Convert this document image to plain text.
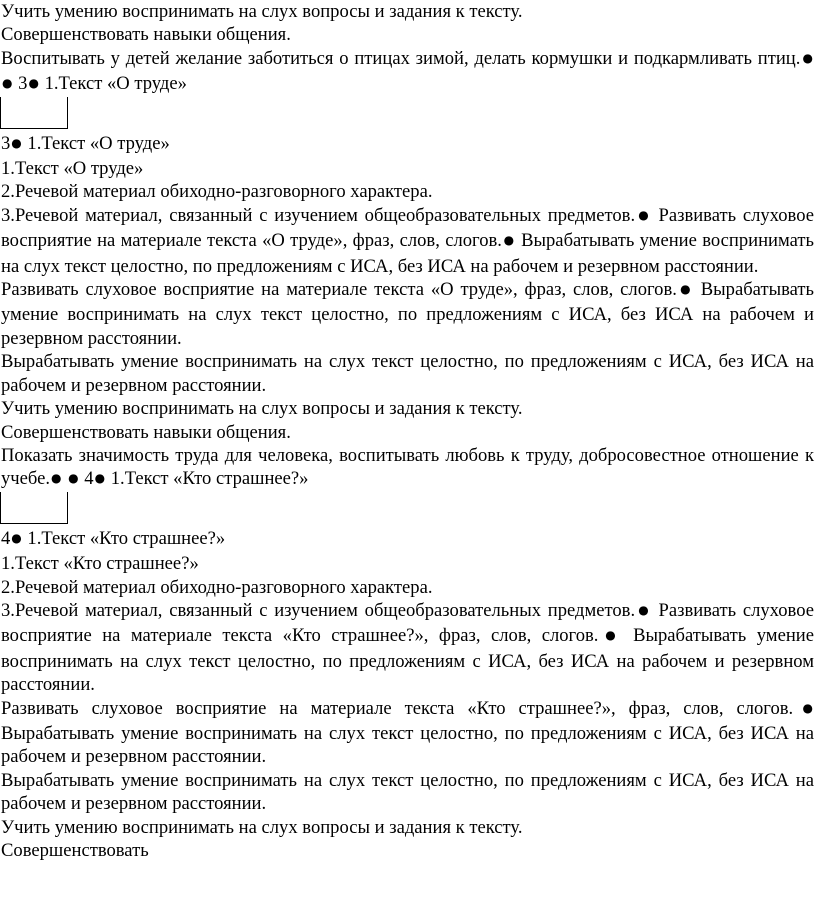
Учить умению воспринимать на слух вопросы и задания к тексту.

Совершенствовать навыки общения.

Воспитывать у детей желание заботиться о птицах зимой, делать кормушки и подкармливать птиц.● ● 3● 1.Текст «О труде»

3● 1.Текст «О труде»

1.Текст «О труде»

2.Речевой материал обиходно-разговорного характера.

3.Речевой материал, связанный с изучением общеобразовательных предметов.● Развивать слуховое восприятие на материале текста «О труде», фраз, слов, слогов.● Вырабатывать умение воспринимать на слух текст целостно, по предложениям с ИСА, без ИСА на рабочем и резервном расстоянии.

Развивать слуховое восприятие на материале текста «О труде», фраз, слов, слогов.● Вырабатывать умение воспринимать на слух текст целостно, по предложениям с ИСА, без ИСА на рабочем и резервном расстоянии.

Вырабатывать умение воспринимать на слух текст целостно, по предложениям с ИСА, без ИСА на рабочем и резервном расстоянии.

Учить умению воспринимать на слух вопросы и задания к тексту.

Совершенствовать навыки общения.

Показать значимость труда для человека, воспитывать любовь к труду, добросовестное отношение к учебе.● ● 4● 1.Текст «Кто страшнее?»

4● 1.Текст «Кто страшнее?»

1.Текст «Кто страшнее?»

2.Речевой материал обиходно-разговорного характера.

3.Речевой материал, связанный с изучением общеобразовательных предметов.● Развивать слуховое восприятие на материале текста «Кто страшнее?», фраз, слов, слогов.● Вырабатывать умение воспринимать на слух текст целостно, по предложениям с ИСА, без ИСА на рабочем и резервном расстоянии.

Развивать слуховое восприятие на материале текста «Кто страшнее?», фраз, слов, слогов.● Вырабатывать умение воспринимать на слух текст целостно, по предложениям с ИСА, без ИСА на рабочем и резервном расстоянии.

Вырабатывать умение воспринимать на слух текст целостно, по предложениям с ИСА, без ИСА на рабочем и резервном расстоянии.

Учить умению воспринимать на слух вопросы и задания к тексту.

Совершенствовать
